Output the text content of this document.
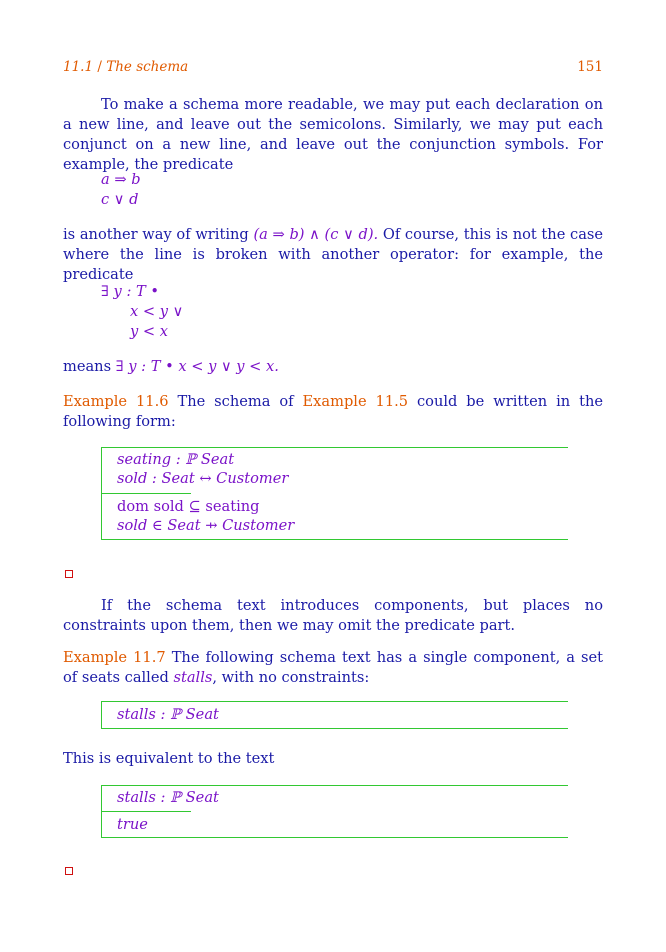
11.1 / The schema	151
To make a schema more readable, we may put each declaration on a new line, and leave out the semicolons. Similarly, we may put each conjunct on a new line, and leave out the conjunction symbols. For example, the predicate
a ⇒ b
c ∨ d
is another way of writing (a ⇒ b) ∧ (c ∨ d). Of course, this is not the case where the line is broken with another operator: for example, the predicate
∃ y : T •
x < y ∨
y < x
means ∃ y : T • x < y ∨ y < x.
Example 11.6 The schema of Example 11.5 could be written in the following form:
seating : ℙ Seat
sold : Seat ↔ Customer
dom sold ⊆ seating
sold ∈ Seat ⇸ Customer
If the schema text introduces components, but places no constraints upon them, then we may omit the predicate part.
Example 11.7 The following schema text has a single component, a set of seats called stalls, with no constraints:
stalls : ℙ Seat
This is equivalent to the text
stalls : ℙ Seat
true
